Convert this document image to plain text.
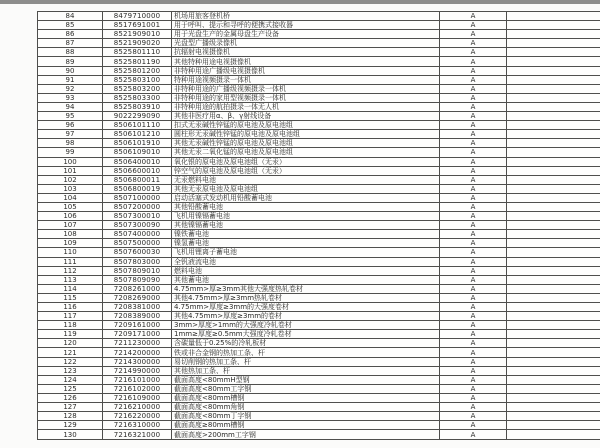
84	8479710000	机场用旅客登机桥	A	
85	8517691001	用于呼叫、提示和寻呼的便携式接收器	A	
86	8521909010	用于光盘生产的金属母盘生产设备	A	
87	8521909020	光盘型广播级录像机	A	
88	8525801110	抗辐射电视摄像机	A	
89	8525801190	其他特种用途电视摄像机	A	
90	8525801200	非特种用途广播级电视摄像机	A	
91	8525803100	特种用途视频摄录一体机	A	
92	8525803200	非特种用途的广播级视频摄录一体机	A	
93	8525803300	非特种用途的家用型视频摄录一体机	A	
94	8525803910	非特种用途的航拍摄录一体无人机	A	
95	9022299090	其他非医疗用α、β、γ射线设备	A	
96	8506101110	扣式无汞碱性锌锰的原电池及原电池组	A	
97	8506101210	圆柱形无汞碱性锌锰的原电池及原电池组	A	
98	8506101910	其他无汞碱性锌锰的原电池及原电池组	A	
99	8506109010	其他无汞二氧化锰的原电池及原电池组	A	
100	8506400010	氧化银的原电池及原电池组（无汞）	A	
101	8506600010	锌空气的原电池及原电池组（无汞）	A	
102	8506800011	无汞燃料电池	A	
103	8506800019	其他无汞原电池及原电池组	A	
104	8507100000	启动活塞式发动机用铅酸蓄电池	A	
105	8507200000	其他铅酸蓄电池	A	
106	8507300010	飞机用镍镉蓄电池	A	
107	8507300090	其他镍镉蓄电池	A	
108	8507400000	镍铁蓄电池	A	
109	8507500000	镍氢蓄电池	A	
110	8507600030	飞机用锂离子蓄电池	A	
111	8507803000	全钒液流电池	A	
112	8507809010	燃料电池	A	
113	8507809090	其他蓄电池	A	
114	7208261000	4.75mm>厚≥3mm其他大强度热轧卷材	A	
115	7208269000	其他4.75mm>厚≥3mm热轧卷材	A	
116	7208381000	4.75mm>厚度≥3mm的大强度卷材	A	
117	7208389000	其他4.75mm>厚度≥3mm的卷材	A	
118	7209161000	3mm>厚度>1mm的大强度冷轧卷材	A	
119	7209171000	1mm≥厚度≥0.5mm大强度冷轧卷材	A	
120	7211230000	含碳量低于0.25%的冷轧板材	A	
121	7214200000	铁或非合金钢的热加工条、杆	A	
122	7214300000	易切削钢的热加工条、杆	A	
123	7214990000	其他热加工条、杆	A	
124	7216101000	截面高度<80mmH型钢	A	
125	7216102000	截面高度<80mm工字钢	A	
126	7216109000	截面高度<80mm槽钢	A	
127	7216210000	截面高度<80mm角钢	A	
128	7216220000	截面高度<80mm丁字钢	A	
129	7216310000	截面高度≥80mm槽钢	A	
130	7216321000	截面高度>200mm工字钢	A	
